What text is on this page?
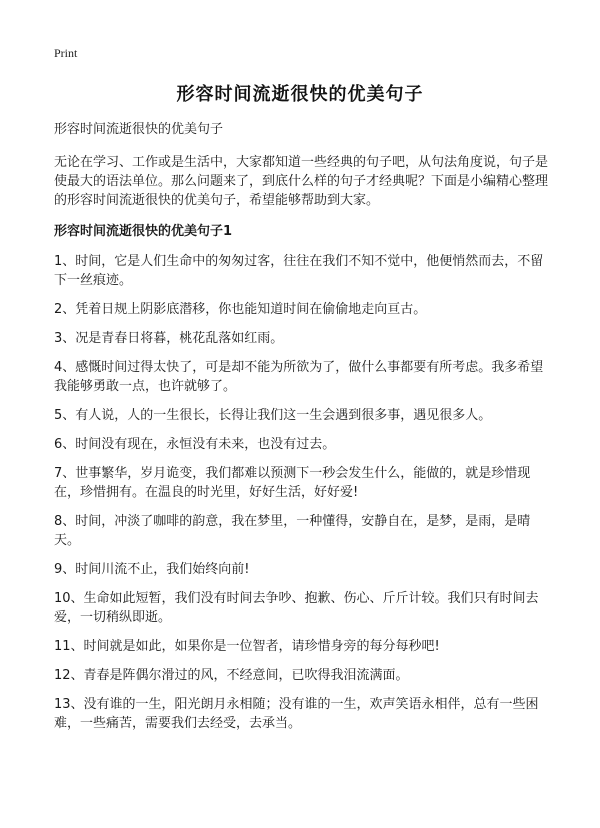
Print
形容时间流逝很快的优美句子

形容时间流逝很快的优美句子

无论在学习、工作或是生活中，大家都知道一些经典的句子吧，从句法角度说，句子是使最大的语法单位。那么问题来了，到底什么样的句子才经典呢？下面是小编精心整理的形容时间流逝很快的优美句子，希望能够帮助到大家。

形容时间流逝很快的优美句子1

1、时间，它是人们生命中的匆匆过客，往往在我们不知不觉中，他便悄然而去，不留下一丝痕迹。

2、凭着日规上阴影底潜移，你也能知道时间在偷偷地走向亘古。

3、况是青春日将暮，桃花乱落如红雨。

4、感慨时间过得太快了，可是却不能为所欲为了，做什么事都要有所考虑。我多希望我能够勇敢一点，也许就够了。

5、有人说，人的一生很长，长得让我们这一生会遇到很多事，遇见很多人。

6、时间没有现在，永恒没有未来，也没有过去。

7、世事繁华，岁月诡变，我们都难以预测下一秒会发生什么，能做的，就是珍惜现在，珍惜拥有。在温良的时光里，好好生活，好好爱!

8、时间，冲淡了咖啡的韵意，我在梦里，一种懂得，安静自在，是梦，是雨，是晴天。

9、时间川流不止，我们始终向前!

10、生命如此短暂，我们没有时间去争吵、抱歉、伤心、斤斤计较。我们只有时间去爱，一切稍纵即逝。

11、时间就是如此，如果你是一位智者，请珍惜身旁的每分每秒吧!

12、青春是阵偶尔滑过的风，不经意间，已吹得我泪流满面。

13、没有谁的一生，阳光朗月永相随；没有谁的一生，欢声笑语永相伴，总有一些困难，一些痛苦，需要我们去经受，去承当。
